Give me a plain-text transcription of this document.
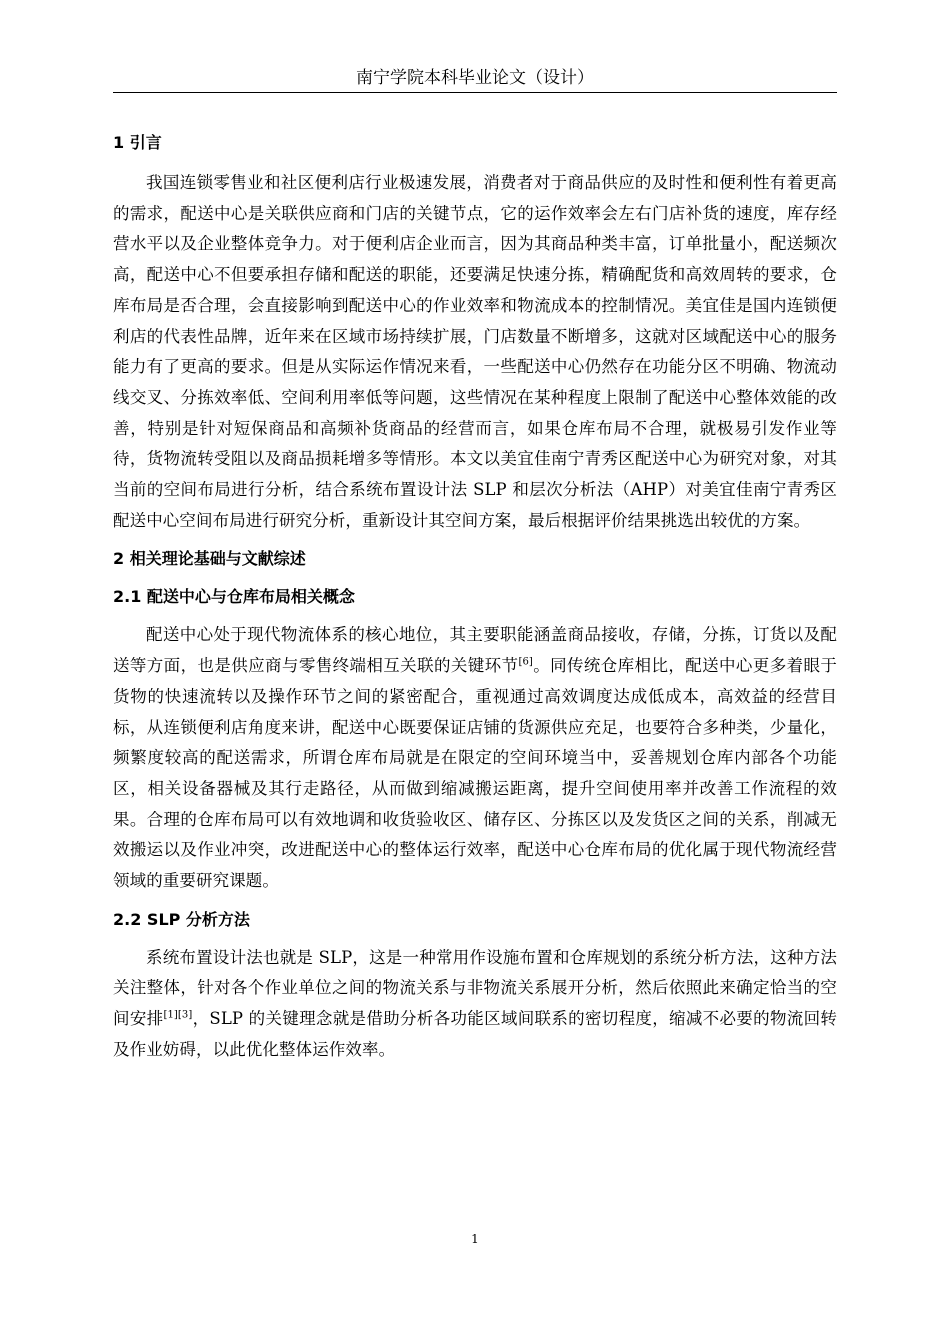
南宁学院本科毕业论文（设计）
1 引言

我国连锁零售业和社区便利店行业极速发展，消费者对于商品供应的及时性和便利性有着更高的需求，配送中心是关联供应商和门店的关键节点，它的运作效率会左右门店补货的速度，库存经营水平以及企业整体竞争力。对于便利店企业而言，因为其商品种类丰富，订单批量小，配送频次高，配送中心不但要承担存储和配送的职能，还要满足快速分拣，精确配货和高效周转的要求，仓库布局是否合理，会直接影响到配送中心的作业效率和物流成本的控制情况。美宜佳是国内连锁便利店的代表性品牌，近年来在区域市场持续扩展，门店数量不断增多，这就对区域配送中心的服务能力有了更高的要求。但是从实际运作情况来看，一些配送中心仍然存在功能分区不明确、物流动线交叉、分拣效率低、空间利用率低等问题，这些情况在某种程度上限制了配送中心整体效能的改善，特别是针对短保商品和高频补货商品的经营而言，如果仓库布局不合理，就极易引发作业等待，货物流转受阻以及商品损耗增多等情形。本文以美宜佳南宁青秀区配送中心为研究对象，对其当前的空间布局进行分析，结合系统布置设计法 SLP 和层次分析法（AHP）对美宜佳南宁青秀区配送中心空间布局进行研究分析，重新设计其空间方案，最后根据评价结果挑选出较优的方案。

2 相关理论基础与文献综述
2.1 配送中心与仓库布局相关概念

配送中心处于现代物流体系的核心地位，其主要职能涵盖商品接收，存储，分拣，订货以及配送等方面，也是供应商与零售终端相互关联的关键环节[6]。同传统仓库相比，配送中心更多着眼于货物的快速流转以及操作环节之间的紧密配合，重视通过高效调度达成低成本，高效益的经营目标，从连锁便利店角度来讲，配送中心既要保证店铺的货源供应充足，也要符合多种类，少量化，频繁度较高的配送需求，所谓仓库布局就是在限定的空间环境当中，妥善规划仓库内部各个功能区，相关设备器械及其行走路径，从而做到缩减搬运距离，提升空间使用率并改善工作流程的效果。合理的仓库布局可以有效地调和收货验收区、储存区、分拣区以及发货区之间的关系，削减无效搬运以及作业冲突，改进配送中心的整体运行效率，配送中心仓库布局的优化属于现代物流经营领域的重要研究课题。

2.2 SLP 分析方法

系统布置设计法也就是 SLP，这是一种常用作设施布置和仓库规划的系统分析方法，这种方法关注整体，针对各个作业单位之间的物流关系与非物流关系展开分析，然后依照此来确定恰当的空间安排[1][3]，SLP 的关键理念就是借助分析各功能区域间联系的密切程度，缩减不必要的物流回转及作业妨碍，以此优化整体运作效率。

1
